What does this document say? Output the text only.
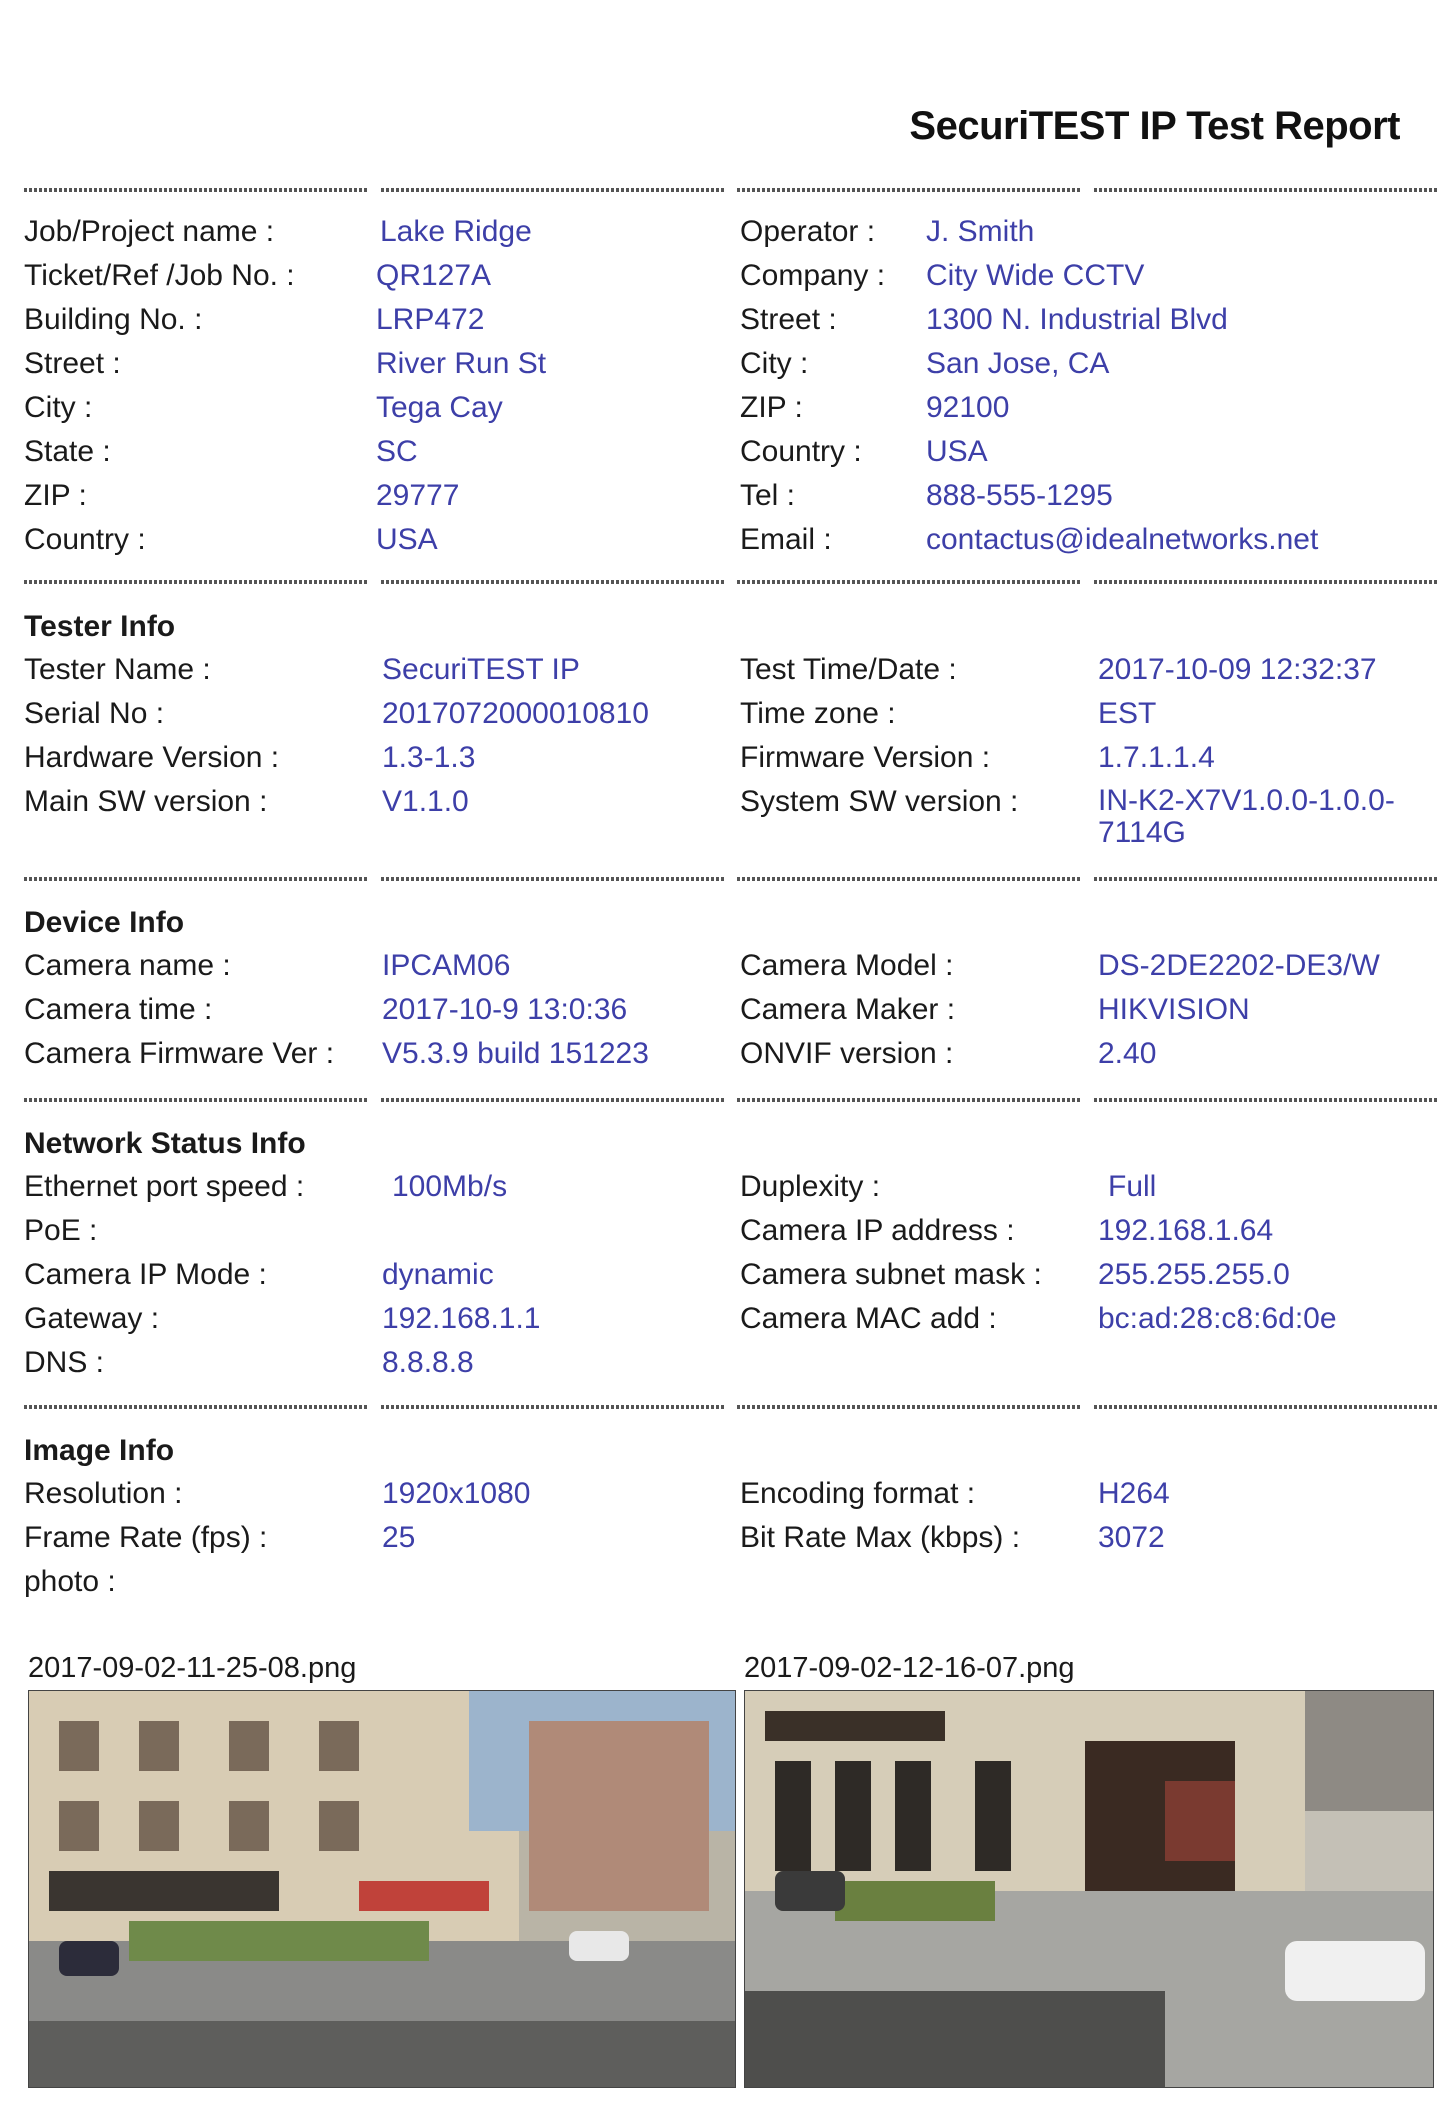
SecuriTEST IP Test Report
Job/Project name :	Lake Ridge	Operator : J. Smith
Ticket/Ref /Job No. :	QR127A	Company : City Wide CCTV
Building No. :	LRP472	Street :	1300 N. Industrial Blvd
Street :	River Run St	City :	San Jose, CA
City :	Tega Cay	ZIP :	92100
State :	SC	Country : USA
ZIP :	29777	Tel :	888-555-1295
Country :	USA	Email :	contactus@idealnetworks.net
Tester Info
Tester Name :	SecuriTEST IP	Test Time/Date :	2017-10-09 12:32:37
Serial No :	2017072000010810	Time zone :	EST
Hardware Version :	1.3-1.3	Firmware Version :	1.7.1.1.4
Main SW version :	V1.1.0	System SW version :	IN-K2-X7V1.0.0-1.0.0-7114G
Device Info
Camera name :	IPCAM06	Camera Model :	DS-2DE2202-DE3/W
Camera time :	2017-10-9 13:0:36	Camera Maker :	HIKVISION
Camera Firmware Ver : V5.3.9 build 151223	ONVIF version :	2.40
Network Status Info
Ethernet port speed :	100Mb/s	Duplexity :	Full
PoE :	Camera IP address :	192.168.1.64
Camera IP Mode :	dynamic	Camera subnet mask : 255.255.255.0
Gateway :	192.168.1.1	Camera MAC add :	bc:ad:28:c8:6d:0e
DNS :	8.8.8.8
Image Info
Resolution :	1920x1080	Encoding format :	H264
Frame Rate (fps) :	25	Bit Rate Max (kbps) :	3072
photo :
2017-09-02-11-25-08.png	2017-09-02-12-16-07.png
